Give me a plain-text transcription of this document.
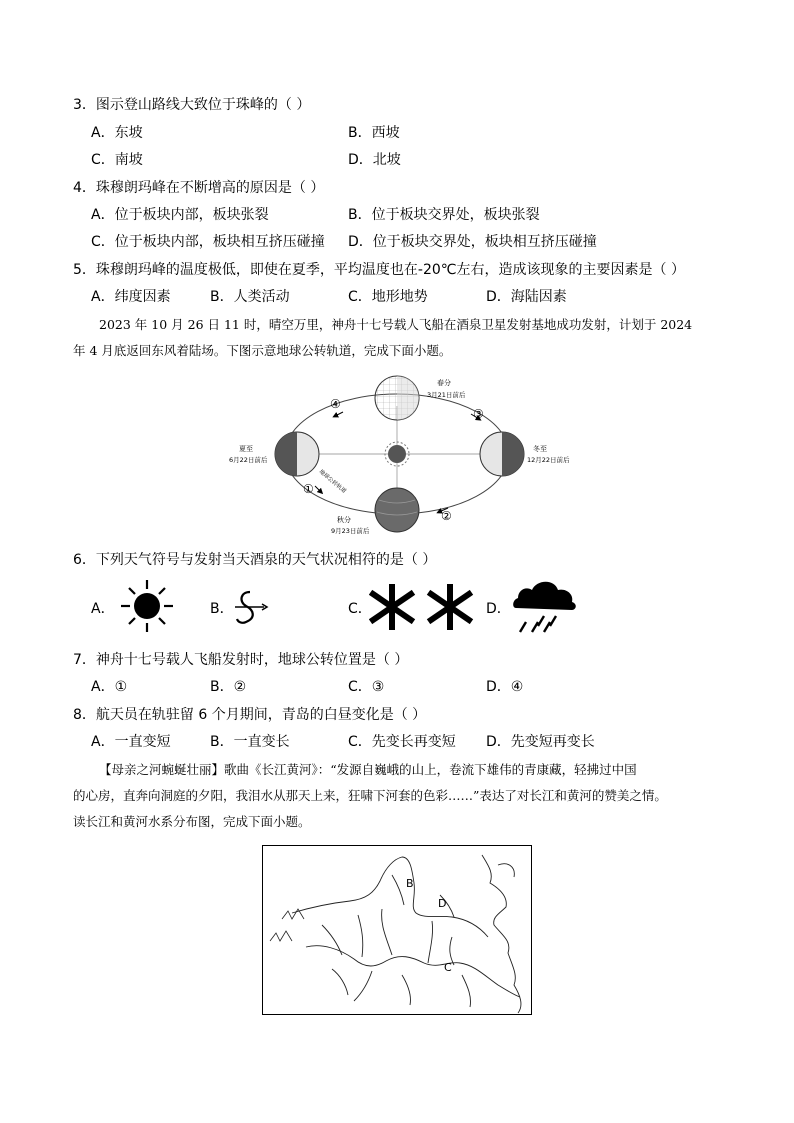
3．图示登山路线大致位于珠峰的（ ）
A．东坡	B．西坡
C．南坡	D．北坡
4．珠穆朗玛峰在不断增高的原因是（ ）
A．位于板块内部，板块张裂	B．位于板块交界处，板块张裂
C．位于板块内部，板块相互挤压碰撞 D．位于板块交界处，板块相互挤压碰撞
5．珠穆朗玛峰的温度极低，即使在夏季，平均温度也在-20℃左右，造成该现象的主要因素是（ ）
A．纬度因素	B．人类活动	C．地形地势	D．海陆因素
2023 年 10 月 26 日 11 时，晴空万里，神舟十七号载人飞船在酒泉卫星发射基地成功发射，计划于 2024
年 4 月底返回东风着陆场。下图示意地球公转轨道，完成下面小题。
春分
3月21日前后
夏至
6月22日前后
冬至
12月22日前后
秋分
9月23日前后
地球公转轨道
①
②
③
④
6．下列天气符号与发射当天酒泉的天气状况相符的是（ ）
A．	B．	C．	D．
7．神舟十七号载人飞船发射时，地球公转位置是（ ）
A．①	B．②	C．③	D．④
8．航天员在轨驻留 6 个月期间，青岛的白昼变化是（ ）
A．一直变短	B．一直变长	C．先变长再变短 D．先变短再变长
【母亲之河蜿蜒壮丽】歌曲《长江黄河》：“发源自巍峨的山上，卷流下雄伟的青康藏，轻拂过中国
的心房，直奔向洞庭的夕阳，我泪水从那天上来，狂啸下河套的色彩……”表达了对长江和黄河的赞美之情。
读长江和黄河水系分布图，完成下面小题。
B
D
C
